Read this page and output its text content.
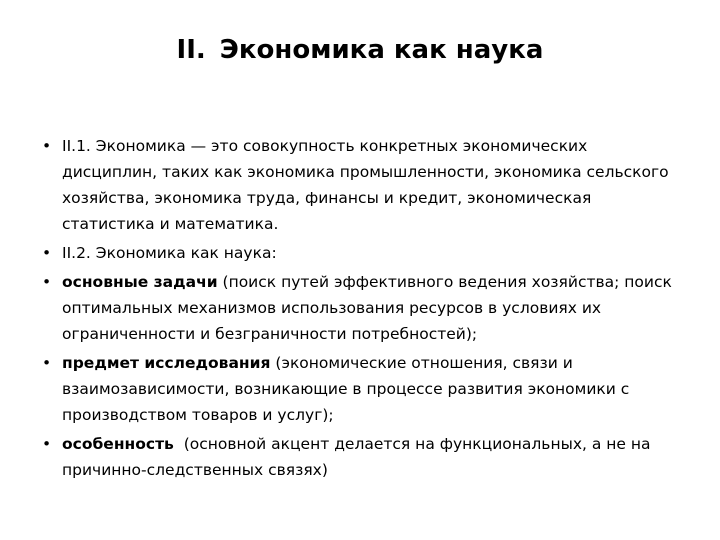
II. Экономика как наука
• II.1. Экономика — это совокупность конкретных экономических дисциплин, таких как экономика промышленности, экономика сельского хозяйства, экономика труда, финансы и кредит, экономическая статистика и математика.
• II.2. Экономика как наука:
• основные задачи (поиск путей эффективного ведения хозяйства; поиск оптимальных механизмов использования ресурсов в условиях их ограниченности и безграничности потребностей);
• предмет исследования (экономические отношения, связи и взаимозависимости, возникающие в процессе развития экономики с производством товаров и услуг);
• особенность  (основной акцент делается на функциональных, а не на причинно-следственных связях)
